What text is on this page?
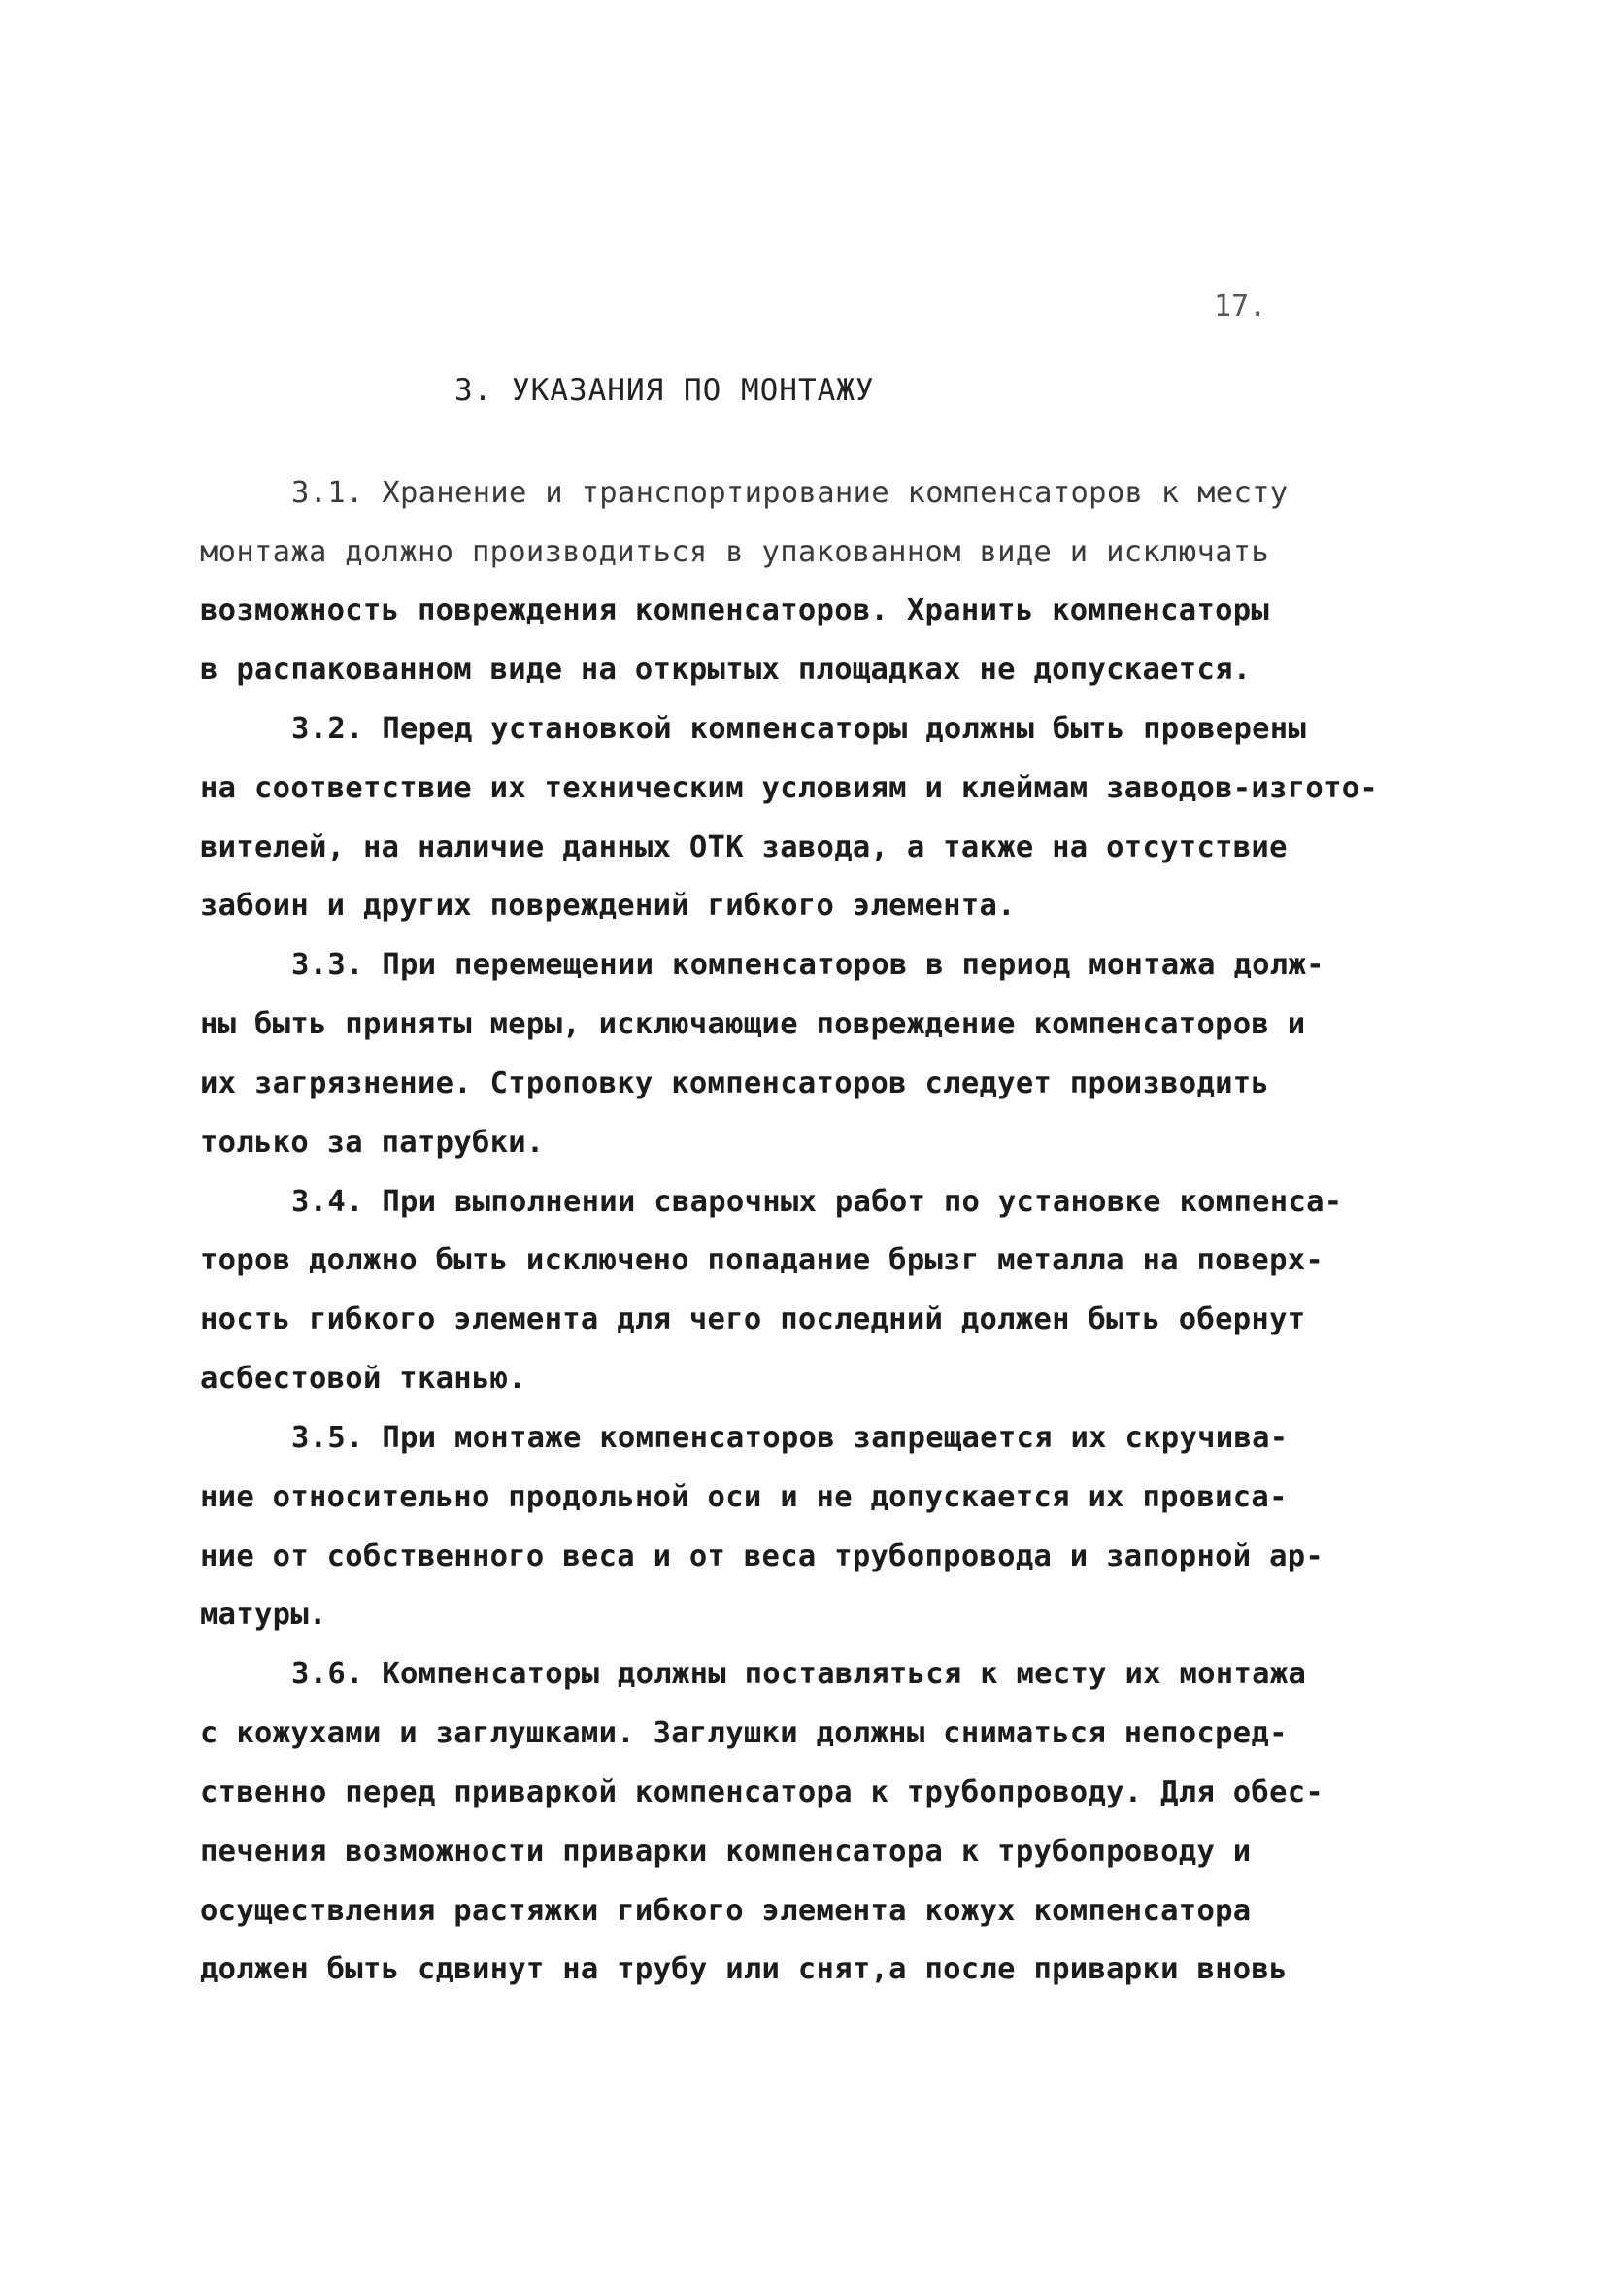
17.
3. УКАЗАНИЯ ПО МОНТАЖУ
3.1. Хранение и транспортирование компенсаторов к месту
монтажа должно производиться в упакованном виде и исключать
возможность повреждения компенсаторов. Хранить компенсаторы
в распакованном виде на открытых площадках не допускается.
3.2. Перед установкой компенсаторы должны быть проверены
на соответствие их техническим условиям и клеймам заводов-изгото-
вителей, на наличие данных ОТК завода, а также на отсутствие
забоин и других повреждений гибкого элемента.
3.3. При перемещении компенсаторов в период монтажа долж-
ны быть приняты меры, исключающие повреждение компенсаторов и
их загрязнение. Строповку компенсаторов следует производить
только за патрубки.
3.4. При выполнении сварочных работ по установке компенса-
торов должно быть исключено попадание брызг металла на поверх-
ность гибкого элемента для чего последний должен быть обернут
асбестовой тканью.
3.5. При монтаже компенсаторов запрещается их скручива-
ние относительно продольной оси и не допускается их провиса-
ние от собственного веса и от веса трубопровода и запорной ар-
матуры.
3.6. Компенсаторы должны поставляться к месту их монтажа
с кожухами и заглушками. Заглушки должны сниматься непосред-
ственно перед приваркой компенсатора к трубопроводу. Для обес-
печения возможности приварки компенсатора к трубопроводу и
осуществления растяжки гибкого элемента кожух компенсатора
должен быть сдвинут на трубу или снят,а после приварки вновь
